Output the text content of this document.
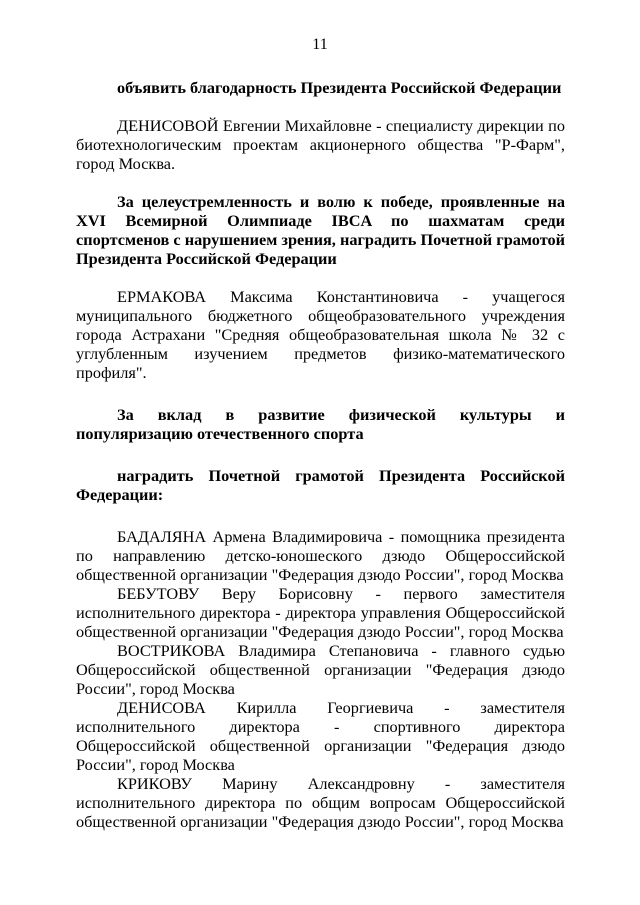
11

объявить благодарность Президента Российской Федерации

ДЕНИСОВОЙ Евгении Михайловне - специалисту дирекции по биотехнологическим проектам акционерного общества "Р-Фарм", город Москва.

За целеустремленность и волю к победе, проявленные на XVI Всемирной Олимпиаде IBCA по шахматам среди спортсменов с нарушением зрения, наградить Почетной грамотой Президента Российской Федерации

ЕРМАКОВА Максима Константиновича - учащегося муниципального бюджетного общеобразовательного учреждения города Астрахани "Средняя общеобразовательная школа № 32 с углубленным изучением предметов физико-математического профиля".

За вклад в развитие физической культуры и популяризацию отечественного спорта

наградить Почетной грамотой Президента Российской Федерации:

БАДАЛЯНА Армена Владимировича - помощника президента по направлению детско-юношеского дзюдо Общероссийской общественной организации "Федерация дзюдо России", город Москва

БЕБУТОВУ Веру Борисовну - первого заместителя исполнительного директора - директора управления Общероссийской общественной организации "Федерация дзюдо России", город Москва

ВОСТРИКОВА Владимира Степановича - главного судью Общероссийской общественной организации "Федерация дзюдо России", город Москва

ДЕНИСОВА Кирилла Георгиевича - заместителя исполнительного директора - спортивного директора Общероссийской общественной организации "Федерация дзюдо России", город Москва

КРИКОВУ Марину Александровну - заместителя исполнительного директора по общим вопросам Общероссийской общественной организации "Федерация дзюдо России", город Москва
